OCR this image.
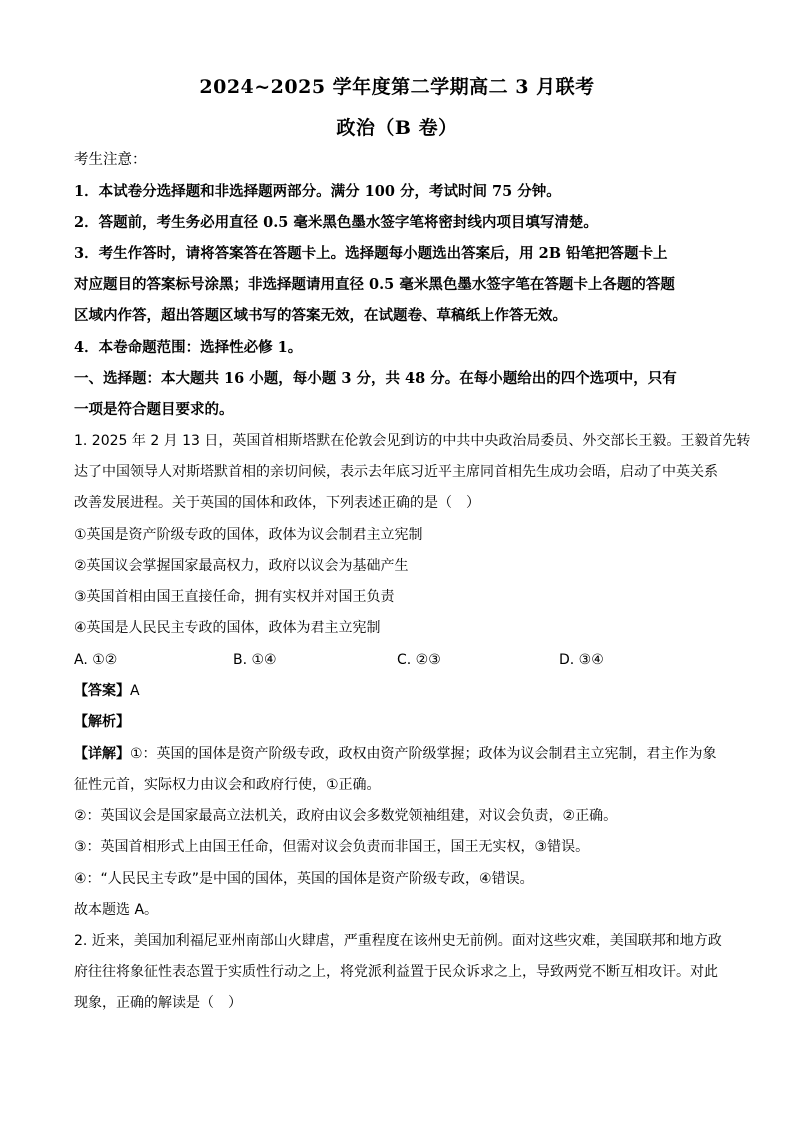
2024~2025 学年度第二学期高二 3 月联考
政治（B 卷）
考生注意：
1．本试卷分选择题和非选择题两部分。满分 100 分，考试时间 75 分钟。
2．答题前，考生务必用直径 0.5 毫米黑色墨水签字笔将密封线内项目填写清楚。
3．考生作答时，请将答案答在答题卡上。选择题每小题选出答案后，用 2B 铅笔把答题卡上
对应题目的答案标号涂黑；非选择题请用直径 0.5 毫米黑色墨水签字笔在答题卡上各题的答题
区域内作答，超出答题区域书写的答案无效，在试题卷、草稿纸上作答无效。
4．本卷命题范围：选择性必修 1。
一、选择题：本大题共 16 小题，每小题 3 分，共 48 分。在每小题给出的四个选项中，只有
一项是符合题目要求的。
1. 2025 年 2 月 13 日，英国首相斯塔默在伦敦会见到访的中共中央政治局委员、外交部长王毅。王毅首先转
达了中国领导人对斯塔默首相的亲切问候，表示去年底习近平主席同首相先生成功会晤，启动了中英关系
改善发展进程。关于英国的国体和政体，下列表述正确的是（　）
①英国是资产阶级专政的国体，政体为议会制君主立宪制
②英国议会掌握国家最高权力，政府以议会为基础产生
③英国首相由国王直接任命，拥有实权并对国王负责
④英国是人民民主专政的国体，政体为君主立宪制
A. ①②	B. ①④	C. ②③	D. ③④
【答案】A
【解析】
【详解】①：英国的国体是资产阶级专政，政权由资产阶级掌握；政体为议会制君主立宪制，君主作为象
征性元首，实际权力由议会和政府行使，①正确。
②：英国议会是国家最高立法机关，政府由议会多数党领袖组建，对议会负责，②正确。
③：英国首相形式上由国王任命，但需对议会负责而非国王，国王无实权，③错误。
④：“人民民主专政”是中国的国体，英国的国体是资产阶级专政，④错误。
故本题选 A。
2. 近来，美国加利福尼亚州南部山火肆虐，严重程度在该州史无前例。面对这些灾难，美国联邦和地方政
府往往将象征性表态置于实质性行动之上，将党派利益置于民众诉求之上，导致两党不断互相攻讦。对此
现象，正确的解读是（　）
